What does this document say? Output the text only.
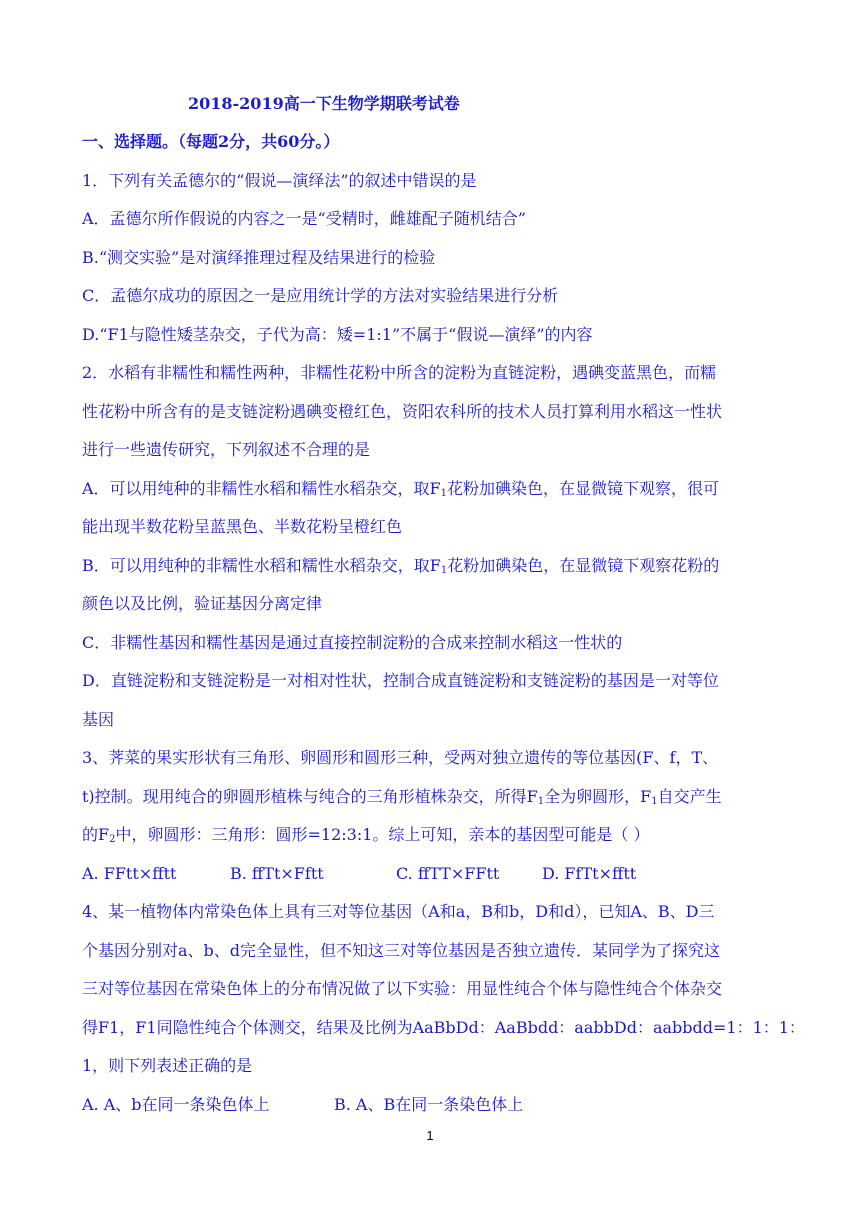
2018-2019高一下生物学期联考试卷
一、选择题。（每题2分，共60分。）
1．下列有关孟德尔的“假说—演绎法”的叙述中错误的是
A．孟德尔所作假说的内容之一是“受精时，雌雄配子随机结合”
B.“测交实验”是对演绎推理过程及结果进行的检验
C．孟德尔成功的原因之一是应用统计学的方法对实验结果进行分析
D.“F1与隐性矮茎杂交，子代为高：矮=1:1”不属于“假说—演绎”的内容
2．水稻有非糯性和糯性两种，非糯性花粉中所含的淀粉为直链淀粉，遇碘变蓝黑色，而糯
性花粉中所含有的是支链淀粉遇碘变橙红色，资阳农科所的技术人员打算利用水稻这一性状
进行一些遗传研究，下列叙述不合理的是
A．可以用纯种的非糯性水稻和糯性水稻杂交，取$F_1$花粉加碘染色，在显微镜下观察，很可
能出现半数花粉呈蓝黑色、半数花粉呈橙红色
B．可以用纯种的非糯性水稻和糯性水稻杂交，取$F_1$花粉加碘染色，在显微镜下观察花粉的
颜色以及比例，验证基因分离定律
C．非糯性基因和糯性基因是通过直接控制淀粉的合成来控制水稻这一性状的
D．直链淀粉和支链淀粉是一对相对性状，控制合成直链淀粉和支链淀粉的基因是一对等位
基因
3、荠菜的果实形状有三角形、卵圆形和圆形三种，受两对独立遗传的等位基因(F、f，T、
t)控制。现用纯合的卵圆形植株与纯合的三角形植株杂交，所得$F_1$全为卵圆形，$F_1$自交产生
的$F_2$中，卵圆形：三角形：圆形=12:3:1。综上可知，亲本的基因型可能是（ ）
A. FFtt×fftt	B. ffTt×Fftt	C. ffTT×FFtt	D. FfTt×fftt
4、某一植物体内常染色体上具有三对等位基因（A和a，B和b，D和d），已知A、B、D三
个基因分别对a、b、d完全显性，但不知这三对等位基因是否独立遗传．某同学为了探究这
三对等位基因在常染色体上的分布情况做了以下实验：用显性纯合个体与隐性纯合个体杂交
得F1，F1同隐性纯合个体测交，结果及比例为AaBbDd：AaBbdd：aabbDd：aabbdd=1：1：1：
1，则下列表述正确的是
A. A、b在同一条染色体上	B. A、B在同一条染色体上
1
